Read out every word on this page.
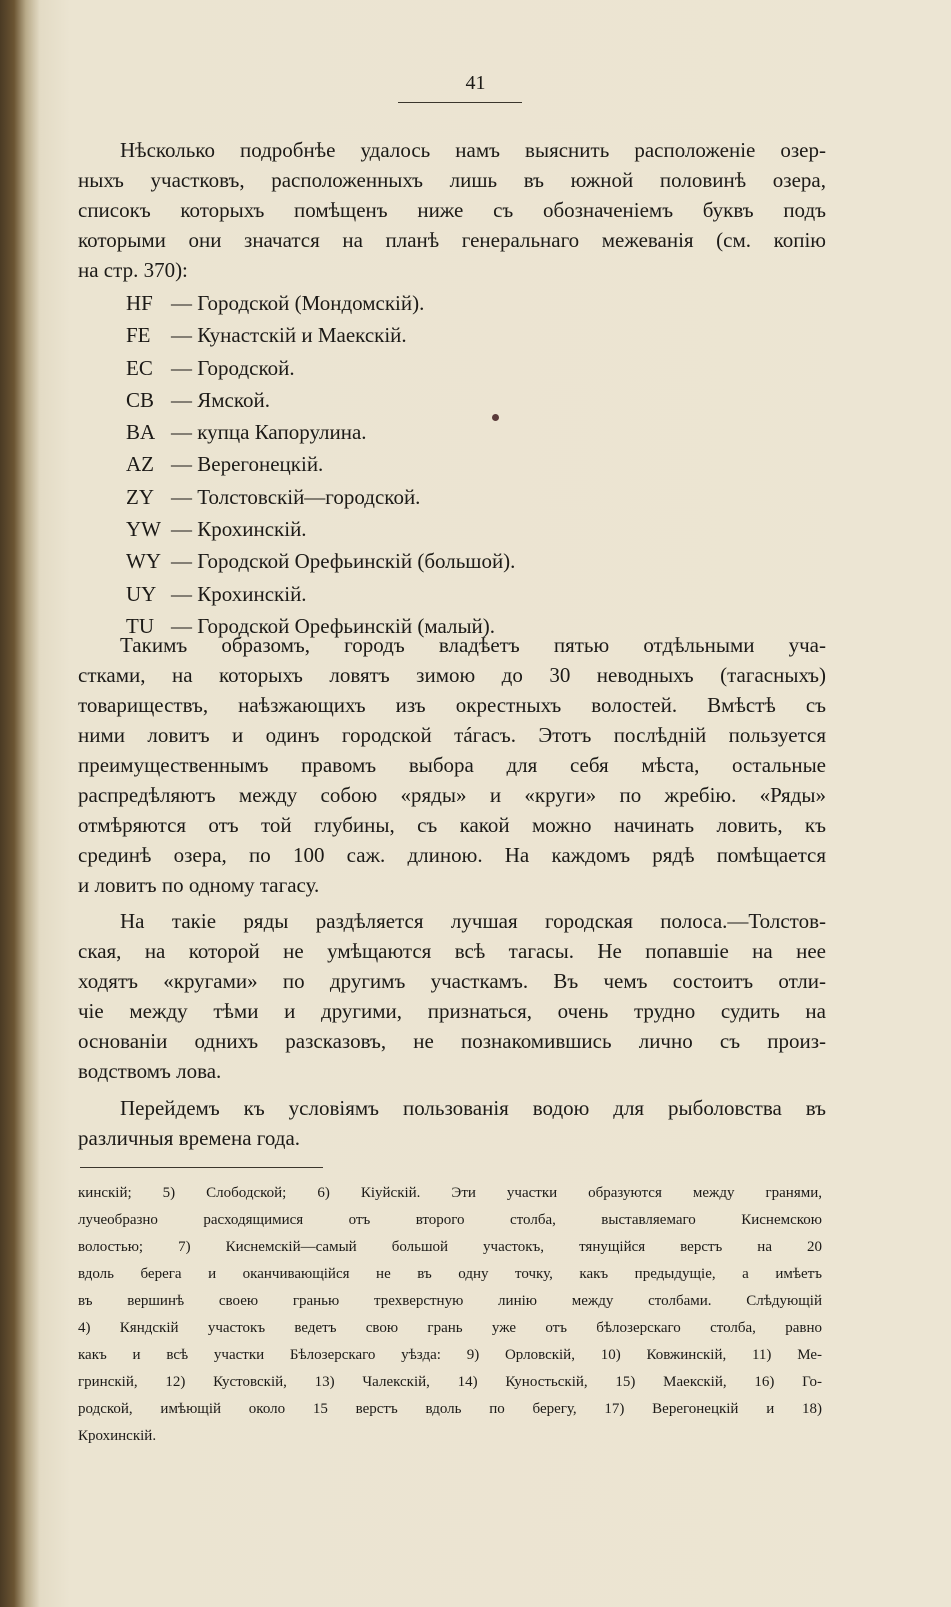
41

Нѣсколько подробнѣе удалось намъ выяснить расположеніе озер-
ныхъ участковъ, расположенныхъ лишь въ южной половинѣ озера,
списокъ которыхъ помѣщенъ ниже съ обозначеніемъ буквъ подъ
которыми они значатся на планѣ генеральнаго межеванія (см. копію
на стр. 370):

HF — Городской (Мондомскій).
FE — Кунастскій и Маекскій.
EC — Городской.
CB — Ямской.
BA — купца Капорулина.
AZ — Верегонецкій.
ZY — Толстовскій—городской.
YW — Крохинскій.
WY — Городской Орефьинскій (большой).
UY — Крохинскій.
TU — Городской Орефьинскій (малый).
Такимъ образомъ, городъ владѣетъ пятью отдѣльными уча-
стками, на которыхъ ловятъ зимою до 30 неводныхъ (тагасныхъ)
товариществъ, наѣзжающихъ изъ окрестныхъ волостей. Вмѣстѣ съ
ними ловитъ и одинъ городской тáгасъ. Этотъ послѣдній пользуется
преимущественнымъ правомъ выбора для себя мѣста, остальные
распредѣляютъ между собою «ряды» и «круги» по жребію. «Ряды»
отмѣряются отъ той глубины, съ какой можно начинать ловить, къ
срединѣ озера, по 100 саж. длиною. На каждомъ рядѣ помѣщается
и ловитъ по одному тагасу.
На такіе ряды раздѣляется лучшая городская полоса.—Толстов-
ская, на которой не умѣщаются всѣ тагасы. Не попавшіе на нее
ходятъ «кругами» по другимъ участкамъ. Въ чемъ состоитъ отли-
чіе между тѣми и другими, признаться, очень трудно судить на
основаніи однихъ разсказовъ, не познакомившись лично съ произ-
водствомъ лова.
Перейдемъ къ условіямъ пользованія водою для рыболовства въ
различныя времена года.
кинскій; 5) Слободской; 6) Кіуйскій. Эти участки образуются между гранями,
лучеобразно расходящимися отъ второго столба, выставляемаго Киснемскою
волостью; 7) Киснемскій—самый большой участокъ, тянущійся верстъ на 20
вдоль берега и оканчивающійся не въ одну точку, какъ предыдущіе, а имѣетъ
въ вершинѣ своею гранью трехверстную линію между столбами. Слѣдующій
4) Кяндскій участокъ ведетъ свою грань уже отъ бѣлозерскаго столба, равно
какъ и всѣ участки Бѣлозерскаго уѣзда: 9) Орловскій, 10) Ковжинскій, 11) Ме-
гринскій, 12) Кустовскій, 13) Чалекскій, 14) Куностьскій, 15) Маекскій, 16) Го-
родской, имѣющій около 15 верстъ вдоль по берегу, 17) Верегонецкій и 18)
Крохинскій.
